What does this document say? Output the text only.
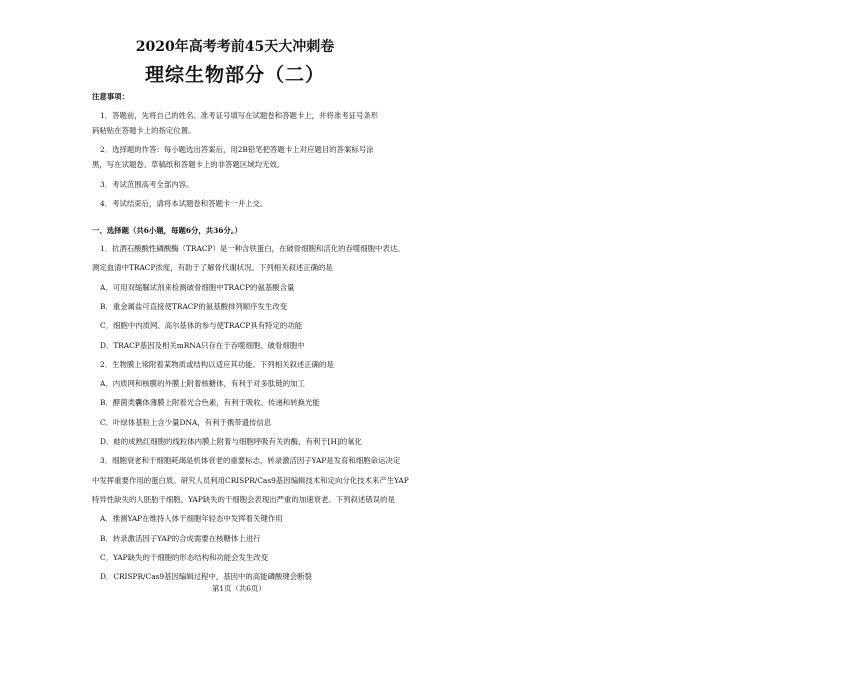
2020年高考考前45天大冲刺卷
理综生物部分（二）

注意事项：

1．答题前，先将自己的姓名、准考证号填写在试题卷和答题卡上，并将准考证号条形

码粘贴在答题卡上的指定位置。

2．选择题的作答：每小题选出答案后，用2B铅笔把答题卡上对应题目的答案标号涂

黑，写在试题卷、草稿纸和答题卡上的非答题区域均无效。

3．考试范围高考全部内容。

4．考试结束后，请将本试题卷和答题卡一并上交。

一、选择题（共6小题，每题6分，共36分。）

1．抗酒石酸酸性磷酸酶（TRACP）是一种含铁蛋白，在破骨细胞和活化的吞噬细胞中表达。

测定血清中TRACP浓度，有助于了解骨代谢状况。下列相关叙述正确的是

A．可用双缩脲试剂来检测破骨细胞中TRACP的氨基酸含量

B．重金属盐可直接使TRACP的氨基酸排列顺序发生改变

C．细胞中内质网、高尔基体的参与使TRACP具有特定的功能

D．TRACP基因及相关mRNA只存在于吞噬细胞、破骨细胞中

2．生物膜上常附着某物质或结构以适应其功能。下列相关叙述正确的是

A．内质网和核膜的外膜上附着核糖体，有利于对多肽链的加工

B．酵菌类囊体薄膜上附着光合色素，有利于吸收、传递和转换光能

C．叶绿体基粒上含少量DNA，有利于携带遗传信息

D．蛙的成熟红细胞的线粒体内膜上附着与细胞呼吸有关的酶，有利于[H]的氧化

3．细胞衰老和干细胞耗竭是机体衰老的重要标志，转录激活因子YAP是发育和细胞命运决定

中发挥重要作用的蛋白质。研究人员利用CRISPR/Cas9基因编辑技术和定向分化技术来产生YAP

特异性缺失的人胚胎干细胞，YAP缺失的干细胞会表现出严重的加速衰老。下列叙述错误的是

A．推测YAP在维持人体干细胞年轻态中发挥着关键作用

B．转录激活因子YAP的合成需要在核糖体上进行

C．YAP缺失的干细胞的形态结构和功能会发生改变

D．CRISPR/Cas9基因编辑过程中，基因中的高能磷酸键会断裂

第1页（共6页）
